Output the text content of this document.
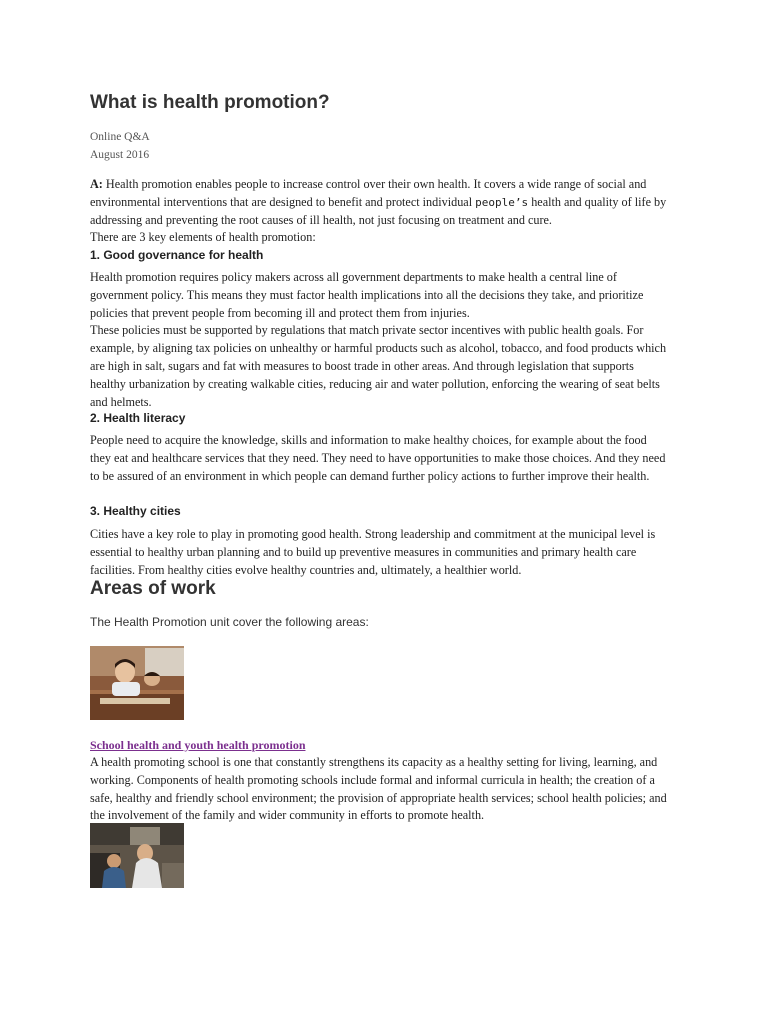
What is health promotion?
Online Q&A
August 2016

A: Health promotion enables people to increase control over their own health. It covers a wide range of social and environmental interventions that are designed to benefit and protect individual people’s health and quality of life by addressing and preventing the root causes of ill health, not just focusing on treatment and cure.

There are 3 key elements of health promotion:

1. Good governance for health

Health promotion requires policy makers across all government departments to make health a central line of government policy. This means they must factor health implications into all the decisions they take, and prioritize policies that prevent people from becoming ill and protect them from injuries.

These policies must be supported by regulations that match private sector incentives with public health goals. For example, by aligning tax policies on unhealthy or harmful products such as alcohol, tobacco, and food products which are high in salt, sugars and fat with measures to boost trade in other areas. And through legislation that supports healthy urbanization by creating walkable cities, reducing air and water pollution, enforcing the wearing of seat belts and helmets.

2. Health literacy

People need to acquire the knowledge, skills and information to make healthy choices, for example about the food they eat and healthcare services that they need. They need to have opportunities to make those choices. And they need to be assured of an environment in which people can demand further policy actions to further improve their health.

3. Healthy cities

Cities have a key role to play in promoting good health. Strong leadership and commitment at the municipal level is essential to healthy urban planning and to build up preventive measures in communities and primary health care facilities. From healthy cities evolve healthy countries and, ultimately, a healthier world.

Areas of work
The Health Promotion unit cover the following areas:
School health and youth health promotion

A health promoting school is one that constantly strengthens its capacity as a healthy setting for living, learning, and working. Components of health promoting schools include formal and informal curricula in health; the creation of a safe, healthy and friendly school environment; the provision of appropriate health services; school health policies; and the involvement of the family and wider community in efforts to promote health.
